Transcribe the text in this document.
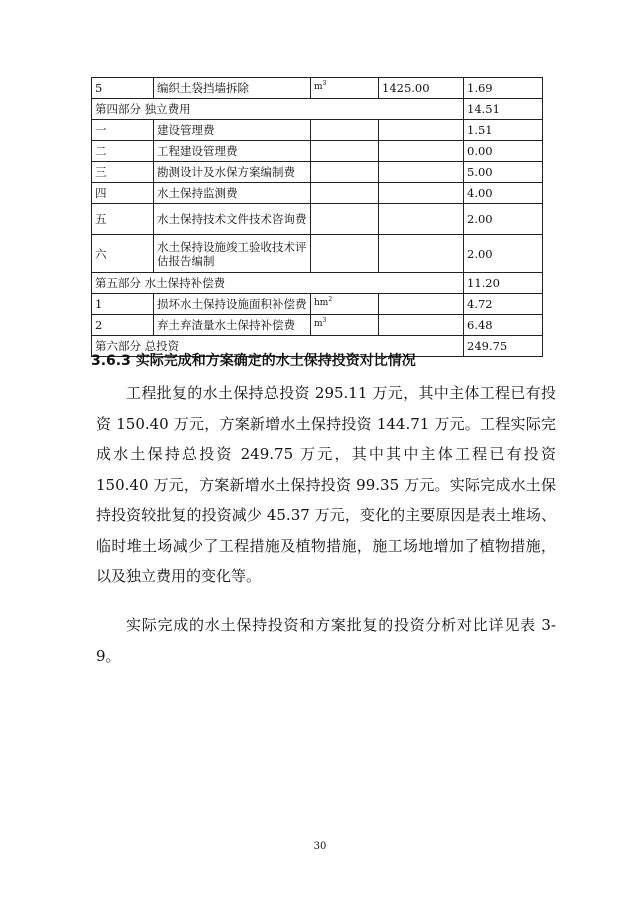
5	编织土袋挡墙拆除	$m^3$	1425.00	1.69
第四部分 独立费用				14.51
一	建设管理费			1.51
二	工程建设管理费			0.00
三	勘测设计及水保方案编制费			5.00
四	水土保持监测费			4.00
五	水土保持技术文件技术咨询费			2.00
六	水土保持设施竣工验收技术评估报告编制			2.00
第五部分 水土保持补偿费				11.20
1	损坏水土保持设施面积补偿费	$hm^2$		4.72
2	弃土弃渣量水土保持补偿费	$m^3$		6.48
第六部分 总投资				249.75
3.6.3 实际完成和方案确定的水土保持投资对比情况

工程批复的水土保持总投资 295.11 万元，其中主体工程已有投资 150.40 万元，方案新增水土保持投资 144.71 万元。工程实际完成水土保持总投资 249.75 万元，其中其中主体工程已有投资 150.40 万元，方案新增水土保持投资 99.35 万元。实际完成水土保持投资较批复的投资减少 45.37 万元，变化的主要原因是表土堆场、临时堆土场减少了工程措施及植物措施，施工场地增加了植物措施，以及独立费用的变化等。

实际完成的水土保持投资和方案批复的投资分析对比详见表 3-9。

30
